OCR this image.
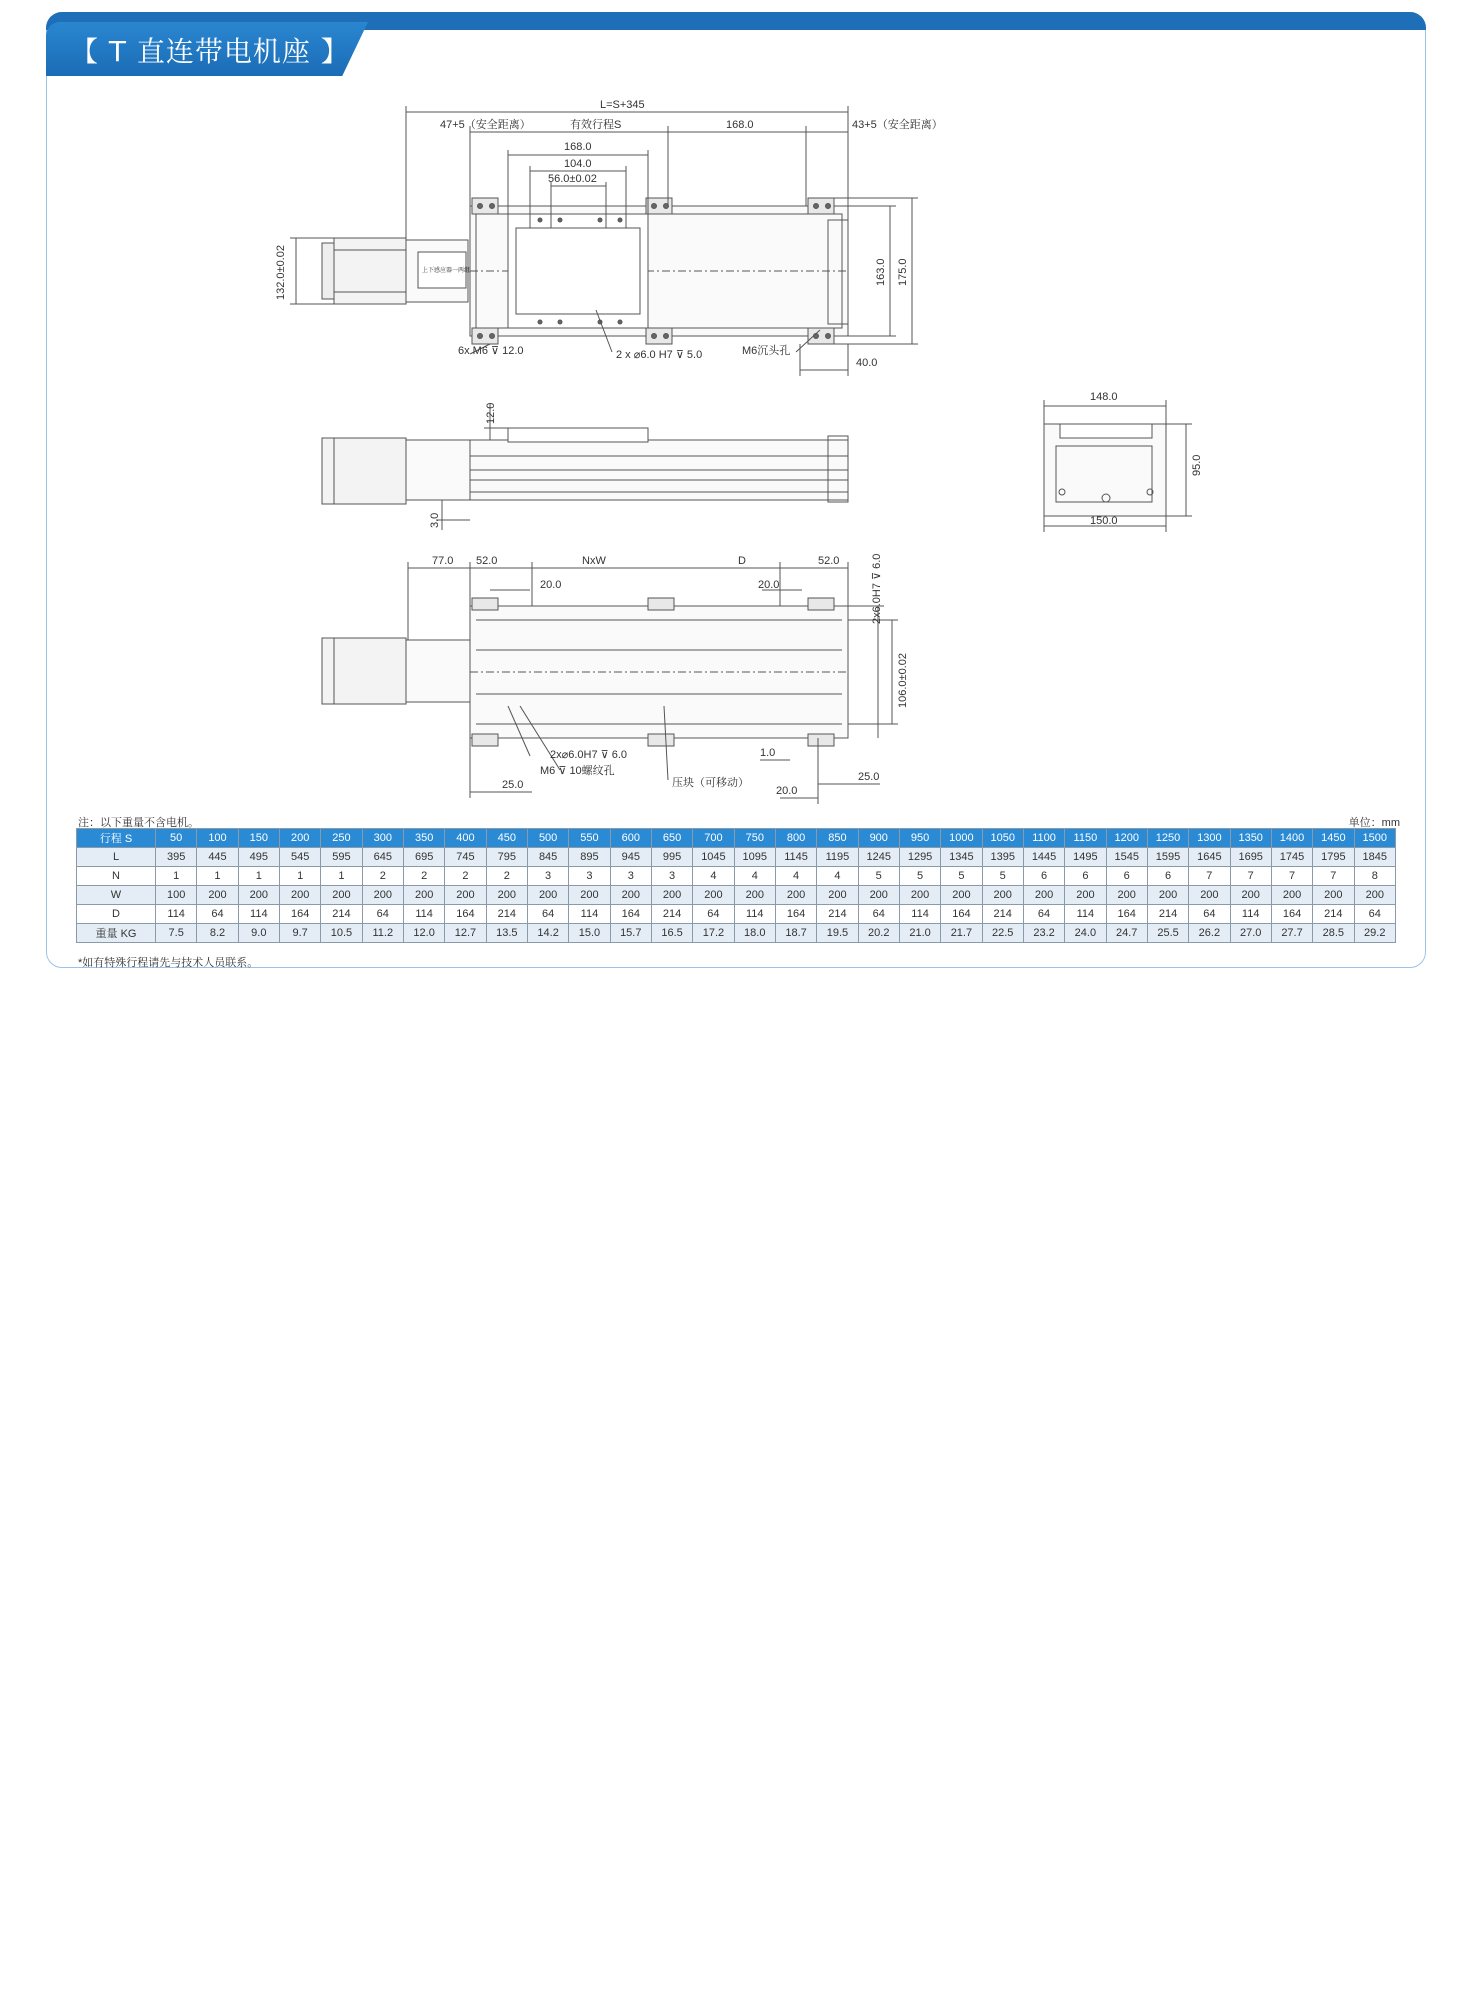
【 T 直连带电机座 】
L=S+345
47+5（安全距离）	有效行程S	168.0	43+5（安全距离）
168.0
104.0
56.0±0.02
132.0±0.02	163.0 175.0
6x M6 ⊽ 12.0	2 x ⌀6.0 H7 ⊽ 5.0	M6沉头孔
40.0
12.0
3.0
148.0
95.0
150.0
77.0 52.0	NxW	D	52.0	2x6.0H7 ⊽ 6.0
20.0	20.0
106.0±0.02
2x⌀6.0H7 ⊽ 6.0
M6 ⊽ 10螺纹孔
压块（可移动）
1.0
25.0	20.0
25.0
上下感应器一两组
注：以下重量不含电机。	单位：mm
行程 S	50	100	150	200	250	300	350	400	450	500	550	600	650	700	750	800	850	900	950	1000	1050	1100	1150	1200	1250	1300	1350	1400	1450	1500
L	395	445	495	545	595	645	695	745	795	845	895	945	995	1045	1095	1145	1195	1245	1295	1345	1395	1445	1495	1545	1595	1645	1695	1745	1795	1845
N	1	1	1	1	1	2	2	2	2	3	3	3	3	4	4	4	4	5	5	5	5	6	6	6	6	7	7	7	7	8
W	100	200	200	200	200	200	200	200	200	200	200	200	200	200	200	200	200	200	200	200	200	200	200	200	200	200	200	200	200	200
D	114	64	114	164	214	64	114	164	214	64	114	164	214	64	114	164	214	64	114	164	214	64	114	164	214	64	114	164	214	64
重量 KG	7.5	8.2	9.0	9.7	10.5	11.2	12.0	12.7	13.5	14.2	15.0	15.7	16.5	17.2	18.0	18.7	19.5	20.2	21.0	21.7	22.5	23.2	24.0	24.7	25.5	26.2	27.0	27.7	28.5	29.2
*如有特殊行程请先与技术人员联系。
